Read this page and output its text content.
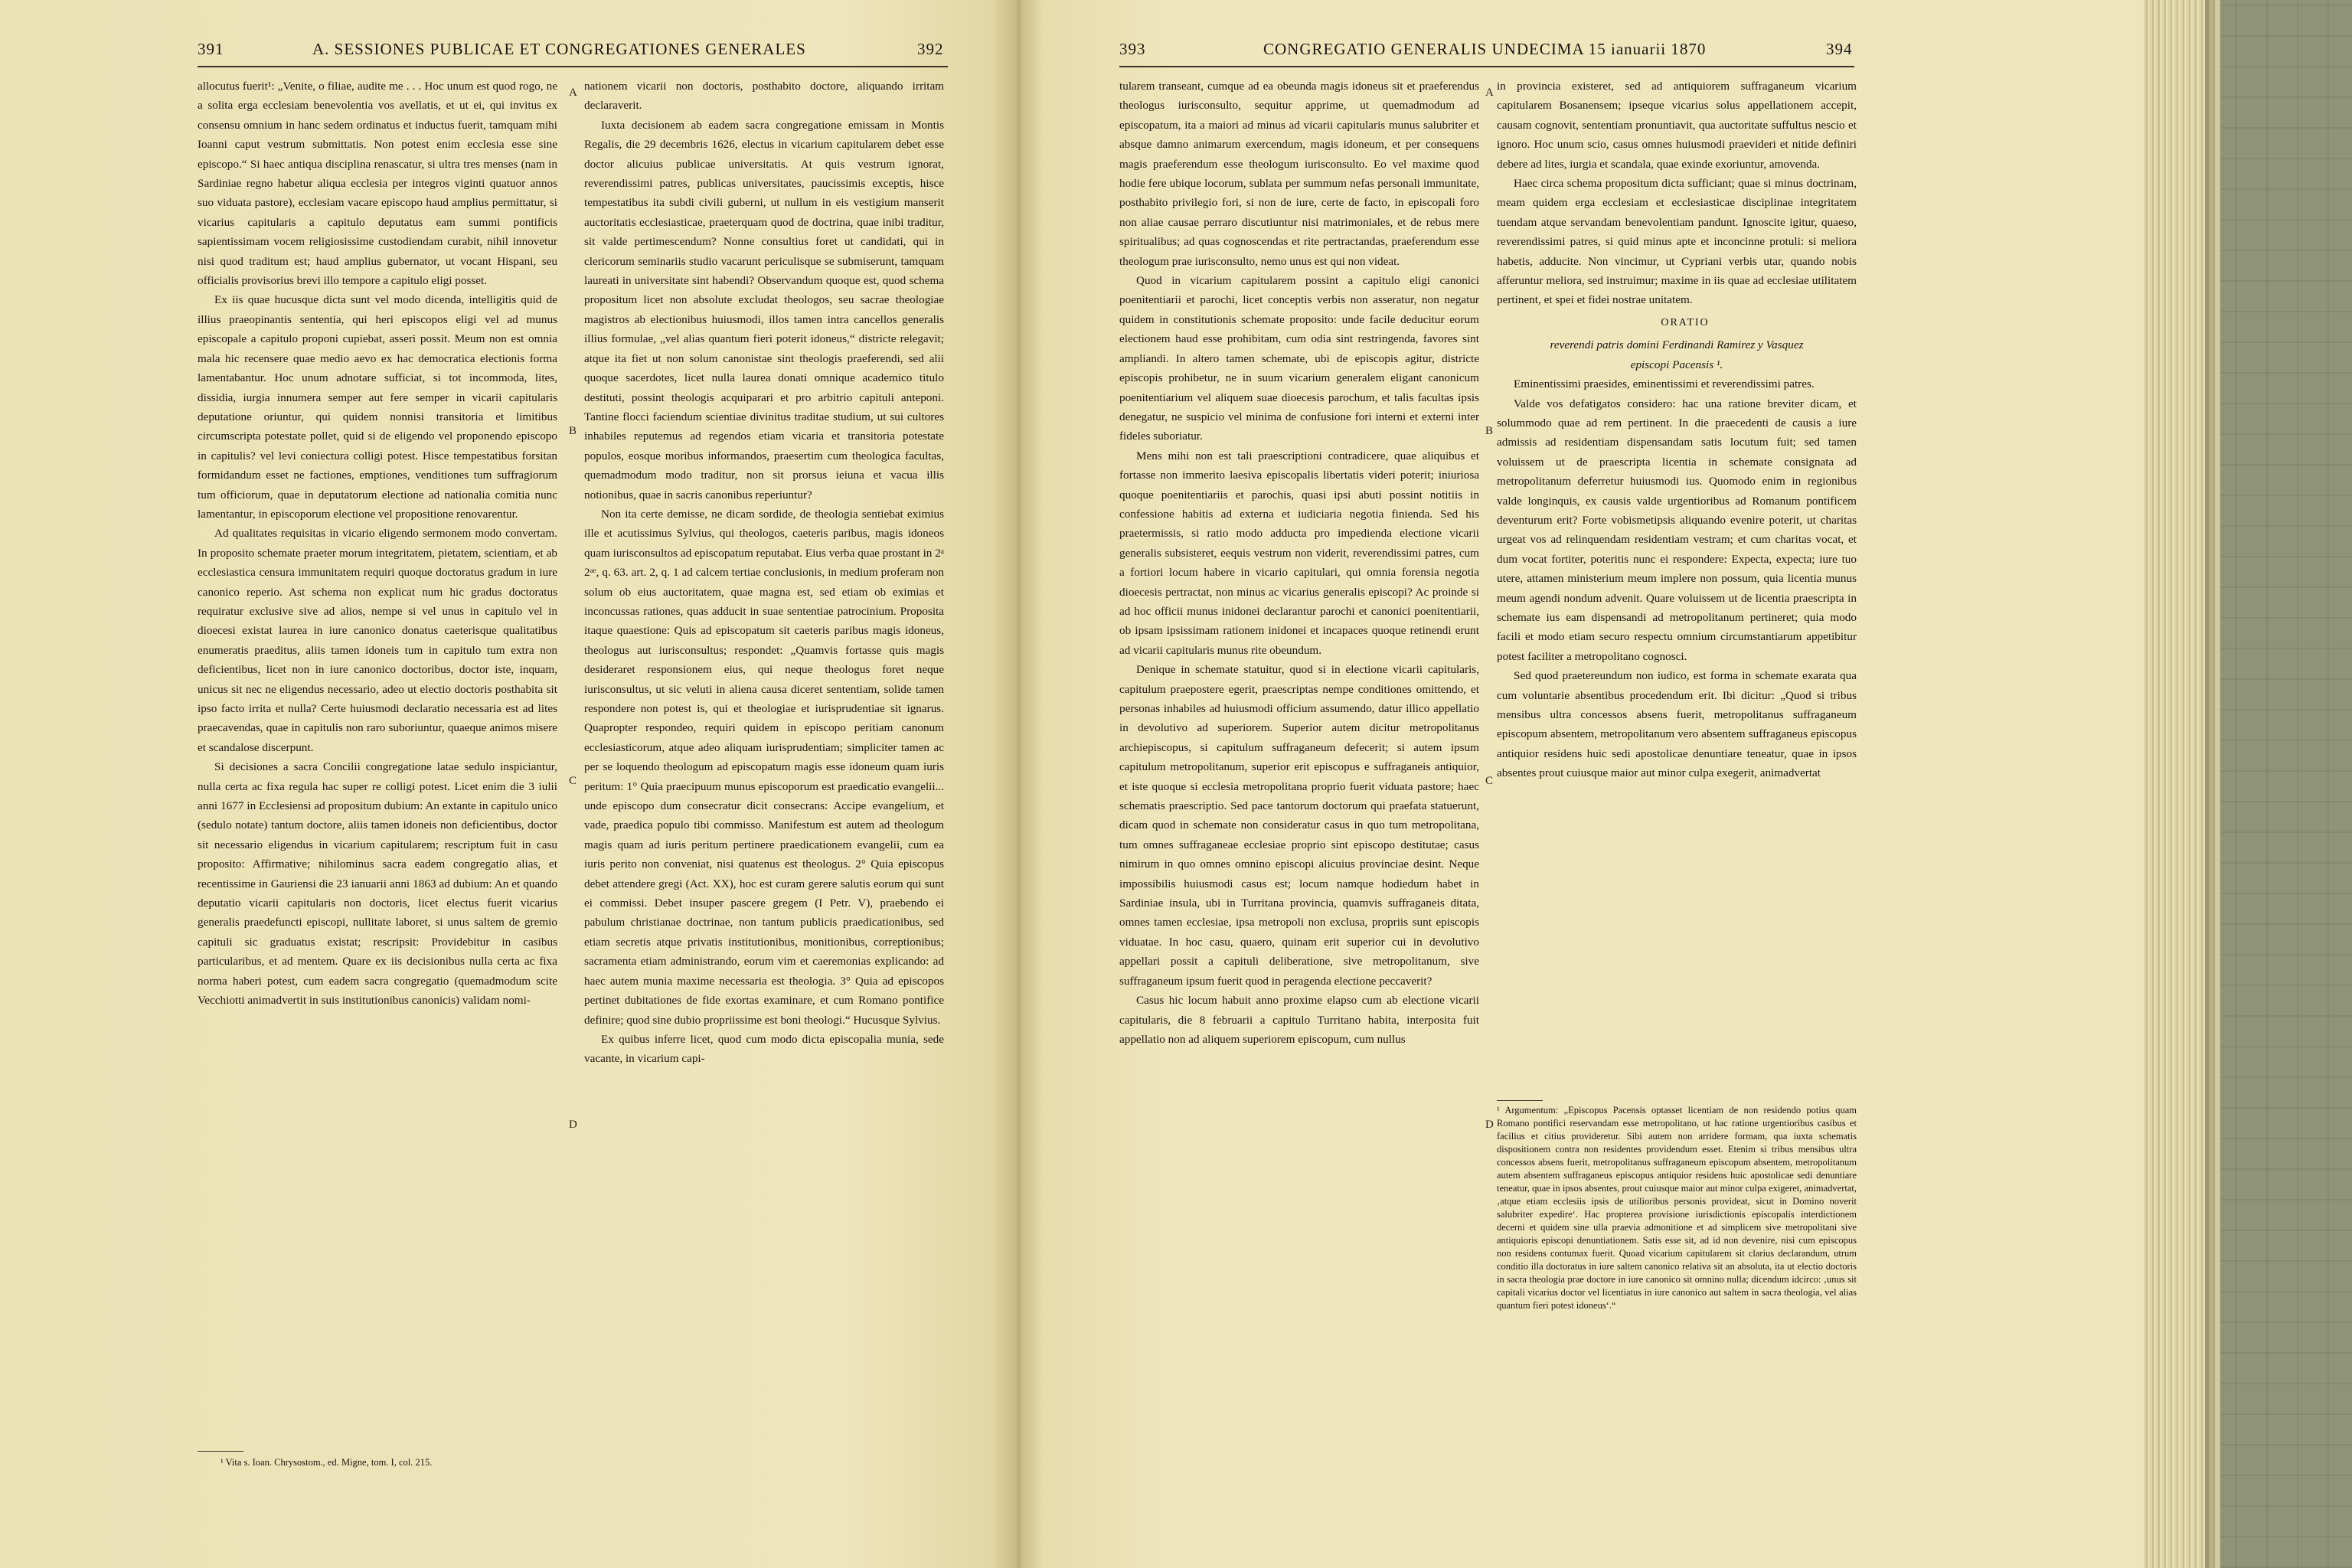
391	A. SESSIONES PUBLICAE ET CONGREGATIONES GENERALES	392

allocutus fuerit¹: „Venite, o filiae, audite me . . . Hoc unum est quod rogo, ne a solita erga ecclesiam benevolentia vos avellatis, et ut ei, qui invitus ex consensu omnium in hanc sedem ordinatus et inductus fuerit, tamquam mihi Ioanni caput vestrum submittatis. Non potest enim ecclesia esse sine episcopo.“ Si haec antiqua disciplina renascatur, si ultra tres menses (nam in Sardiniae regno habetur aliqua ecclesia per integros viginti quatuor annos suo viduata pastore), ecclesiam vacare episcopo haud amplius permittatur, si vicarius capitularis a capitulo deputatus eam summi pontificis sapientissimam vocem religiosissime custodiendam curabit, nihil innovetur nisi quod traditum est; haud amplius gubernator, ut vocant Hispani, seu officialis provisorius brevi illo tempore a capitulo eligi posset.

Ex iis quae hucusque dicta sunt vel modo dicenda, intelligitis quid de illius praeopinantis sententia, qui heri episcopos eligi vel ad munus episcopale a capitulo proponi cupiebat, asseri possit. Meum non est omnia mala hic recensere quae medio aevo ex hac democratica electionis forma lamentabantur. Hoc unum adnotare sufficiat, si tot incommoda, lites, dissidia, iurgia innumera semper aut fere semper in vicarii capitularis deputatione oriuntur, qui quidem nonnisi transitoria et limitibus circumscripta potestate pollet, quid si de eligendo vel proponendo episcopo in capitulis? vel levi coniectura colligi potest. Hisce tempestatibus forsitan formidandum esset ne factiones, emptiones, venditiones tum suffragiorum tum officiorum, quae in deputatorum electione ad nationalia comitia nunc lamentantur, in episcoporum electione vel propositione renovarentur.

Ad qualitates requisitas in vicario eligendo sermonem modo convertam. In proposito schemate praeter morum integritatem, pietatem, scientiam, et ab ecclesiastica censura immunitatem requiri quoque doctoratus gradum in iure canonico reperio. Ast schema non explicat num hic gradus doctoratus requiratur exclusive sive ad alios, nempe si vel unus in capitulo vel in dioecesi existat laurea in iure canonico donatus caeterisque qualitatibus enumeratis praeditus, aliis tamen idoneis tum in capitulo tum extra non deficientibus, licet non in iure canonico doctoribus, doctor iste, inquam, unicus sit nec ne eligendus necessario, adeo ut electio doctoris posthabita sit ipso facto irrita et nulla? Certe huiusmodi declaratio necessaria est ad lites praecavendas, quae in capitulis non raro suboriuntur, quaeque animos misere et scandalose discerpunt.

Si decisiones a sacra Concilii congregatione latae sedulo inspiciantur, nulla certa ac fixa regula hac super re colligi potest. Licet enim die 3 iulii anni 1677 in Ecclesiensi ad propositum dubium: An extante in capitulo unico (sedulo notate) tantum doctore, aliis tamen idoneis non deficientibus, doctor sit necessario eligendus in vicarium capitularem; rescriptum fuit in casu proposito: Affirmative; nihilominus sacra eadem congregatio alias, et recentissime in Gauriensi die 23 ianuarii anni 1863 ad dubium: An et quando deputatio vicarii capitularis non doctoris, licet electus fuerit vicarius generalis praedefuncti episcopi, nullitate laboret, si unus saltem de gremio capituli sic graduatus existat; rescripsit: Providebitur in casibus particularibus, et ad mentem. Quare ex iis decisionibus nulla certa ac fixa norma haberi potest, cum eadem sacra congregatio (quemadmodum scite Vecchiotti animadvertit in suis institutionibus canonicis) validam nomi-

A
B
C
D

nationem vicarii non doctoris, posthabito doctore, aliquando irritam declaraverit.

Iuxta decisionem ab eadem sacra congregatione emissam in Montis Regalis, die 29 decembris 1626, electus in vicarium capitularem debet esse doctor alicuius publicae universitatis. At quis vestrum ignorat, reverendissimi patres, publicas universitates, paucissimis exceptis, hisce tempestatibus ita subdi civili guberni, ut nullum in eis vestigium manserit auctoritatis ecclesiasticae, praeterquam quod de doctrina, quae inibi traditur, sit valde pertimescendum? Nonne consultius foret ut candidati, qui in clericorum seminariis studio vacarunt periculisque se submiserunt, tamquam laureati in universitate sint habendi? Observandum quoque est, quod schema propositum licet non absolute excludat theologos, seu sacrae theologiae magistros ab electionibus huiusmodi, illos tamen intra cancellos generalis illius formulae, „vel alias quantum fieri poterit idoneus,“ districte relegavit; atque ita fiet ut non solum canonistae sint theologis praeferendi, sed alii quoque sacerdotes, licet nulla laurea donati omnique academico titulo destituti, possint theologis acquiparari et pro arbitrio capituli anteponi. Tantine flocci faciendum scientiae divinitus traditae studium, ut sui cultores inhabiles reputemus ad regendos etiam vicaria et transitoria potestate populos, eosque moribus informandos, praesertim cum theologica facultas, quemadmodum modo traditur, non sit prorsus ieiuna et vacua illis notionibus, quae in sacris canonibus reperiuntur?

Non ita certe demisse, ne dicam sordide, de theologia sentiebat eximius ille et acutissimus Sylvius, qui theologos, caeteris paribus, magis idoneos quam iurisconsultos ad episcopatum reputabat. Eius verba quae prostant in 2ᵃ 2ᵃᵉ, q. 63. art. 2, q. 1 ad calcem tertiae conclusionis, in medium proferam non solum ob eius auctoritatem, quae magna est, sed etiam ob eximias et inconcussas rationes, quas adducit in suae sententiae patrocinium. Proposita itaque quaestione: Quis ad episcopatum sit caeteris paribus magis idoneus, theologus aut iurisconsultus; respondet: „Quamvis fortasse quis magis desideraret responsionem eius, qui neque theologus foret neque iurisconsultus, ut sic veluti in aliena causa diceret sententiam, solide tamen respondere non potest is, qui et theologiae et iurisprudentiae sit ignarus. Quapropter respondeo, requiri quidem in episcopo peritiam canonum ecclesiasticorum, atque adeo aliquam iurisprudentiam; simpliciter tamen ac per se loquendo theologum ad episcopatum magis esse idoneum quam iuris peritum: 1° Quia praecipuum munus episcoporum est praedicatio evangelii... unde episcopo dum consecratur dicit consecrans: Accipe evangelium, et vade, praedica populo tibi commisso. Manifestum est autem ad theologum magis quam ad iuris peritum pertinere praedicationem evangelii, cum ea iuris perito non conveniat, nisi quatenus est theologus. 2° Quia episcopus debet attendere gregi (Act. XX), hoc est curam gerere salutis eorum qui sunt ei commissi. Debet insuper pascere gregem (I Petr. V), praebendo ei pabulum christianae doctrinae, non tantum publicis praedicationibus, sed etiam secretis atque privatis institutionibus, monitionibus, correptionibus; sacramenta etiam administrando, eorum vim et caeremonias explicando: ad haec autem munia maxime necessaria est theologia. 3° Quia ad episcopos pertinet dubitationes de fide exortas examinare, et cum Romano pontifice definire; quod sine dubio propriissime est boni theologi.“ Hucusque Sylvius.

Ex quibus inferre licet, quod cum modo dicta episcopalia munia, sede vacante, in vicarium capi-

¹ Vita s. Ioan. Chrysostom., ed. Migne, tom. I, col. 215.
393	CONGREGATIO GENERALIS UNDECIMA 15 ianuarii 1870	394

tularem transeant, cumque ad ea obeunda magis idoneus sit et praeferendus theologus iurisconsulto, sequitur apprime, ut quemadmodum ad episcopatum, ita a maiori ad minus ad vicarii capitularis munus salubriter et absque damno animarum exercendum, magis idoneum, et per consequens magis praeferendum esse theologum iurisconsulto. Eo vel maxime quod hodie fere ubique locorum, sublata per summum nefas personali immunitate, posthabito privilegio fori, si non de iure, certe de facto, in episcopali foro non aliae causae perraro discutiuntur nisi matrimoniales, et de rebus mere spiritualibus; ad quas cognoscendas et rite pertractandas, praeferendum esse theologum prae iurisconsulto, nemo unus est qui non videat.

Quod in vicarium capitularem possint a capitulo eligi canonici poenitentiarii et parochi, licet conceptis verbis non asseratur, non negatur quidem in constitutionis schemate proposito: unde facile deducitur eorum electionem haud esse prohibitam, cum odia sint restringenda, favores sint ampliandi. In altero tamen schemate, ubi de episcopis agitur, districte episcopis prohibetur, ne in suum vicarium generalem eligant canonicum poenitentiarium vel aliquem suae dioecesis parochum, et talis facultas ipsis denegatur, ne suspicio vel minima de confusione fori interni et externi inter fideles suboriatur.

Mens mihi non est tali praescriptioni contradicere, quae aliquibus et fortasse non immerito laesiva episcopalis libertatis videri poterit; iniuriosa quoque poenitentiariis et parochis, quasi ipsi abuti possint notitiis in confessione habitis ad externa et iudiciaria negotia finienda. Sed his praetermissis, si ratio modo adducta pro impedienda electione vicarii generalis subsisteret, eequis vestrum non viderit, reverendissimi patres, cum a fortiori locum habere in vicario capitulari, qui omnia forensia negotia dioecesis pertractat, non minus ac vicarius generalis episcopi? Ac proinde si ad hoc officii munus inidonei declarantur parochi et canonici poenitentiarii, ob ipsam ipsissimam rationem inidonei et incapaces quoque retinendi erunt ad vicarii capitularis munus rite obeundum.

Denique in schemate statuitur, quod si in electione vicarii capitularis, capitulum praepostere egerit, praescriptas nempe conditiones omittendo, et personas inhabiles ad huiusmodi officium assumendo, datur illico appellatio in devolutivo ad superiorem. Superior autem dicitur metropolitanus archiepiscopus, si capitulum suffraganeum defecerit; si autem ipsum capitulum metropolitanum, superior erit episcopus e suffraganeis antiquior, et iste quoque si ecclesia metropolitana proprio fuerit viduata pastore; haec schematis praescriptio. Sed pace tantorum doctorum qui praefata statuerunt, dicam quod in schemate non consideratur casus in quo tum metropolitana, tum omnes suffraganeae ecclesiae proprio sint episcopo destitutae; casus nimirum in quo omnes omnino episcopi alicuius provinciae desint. Neque impossibilis huiusmodi casus est; locum namque hodiedum habet in Sardiniae insula, ubi in Turritana provincia, quamvis suffraganeis ditata, omnes tamen ecclesiae, ipsa metropoli non exclusa, propriis sunt episcopis viduatae. In hoc casu, quaero, quinam erit superior cui in devolutivo appellari possit a capituli deliberatione, sive metropolitanum, sive suffraganeum ipsum fuerit quod in peragenda electione peccaverit?

Casus hic locum habuit anno proxime elapso cum ab electione vicarii capitularis, die 8 februarii a capitulo Turritano habita, interposita fuit appellatio non ad aliquem superiorem episcopum, cum nullus

A
B
C
D

in provincia existeret, sed ad antiquiorem suffraganeum vicarium capitularem Bosanensem; ipseque vicarius solus appellationem accepit, causam cognovit, sententiam pronuntiavit, qua auctoritate suffultus nescio et ignoro. Hoc unum scio, casus omnes huiusmodi praevideri et nitide definiri debere ad lites, iurgia et scandala, quae exinde exoriuntur, amovenda.

Haec circa schema propositum dicta sufficiant; quae si minus doctrinam, meam quidem erga ecclesiam et ecclesiasticae disciplinae integritatem tuendam atque servandam benevolentiam pandunt. Ignoscite igitur, quaeso, reverendissimi patres, si quid minus apte et inconcinne protuli: si meliora habetis, adducite. Non vincimur, ut Cypriani verbis utar, quando nobis afferuntur meliora, sed instruimur; maxime in iis quae ad ecclesiae utilitatem pertinent, et spei et fidei nostrae unitatem.

ORATIO

reverendi patris domini Ferdinandi Ramirez y Vasquez

episcopi Pacensis ¹.

Eminentissimi praesides, eminentissimi et reverendissimi patres.

Valde vos defatigatos considero: hac una ratione breviter dicam, et solummodo quae ad rem pertinent. In die praecedenti de causis a iure admissis ad residentiam dispensandam satis locutum fuit; sed tamen voluissem ut de praescripta licentia in schemate consignata ad metropolitanum deferretur huiusmodi ius. Quomodo enim in regionibus valde longinquis, ex causis valde urgentioribus ad Romanum pontificem deventurum erit? Forte vobismetipsis aliquando evenire poterit, ut charitas urgeat vos ad relinquendam residentiam vestram; et cum charitas vocat, et dum vocat fortiter, poteritis nunc ei respondere: Expecta, expecta; iure tuo utere, attamen ministerium meum implere non possum, quia licentia munus meum agendi nondum advenit. Quare voluissem ut de licentia praescripta in schemate ius eam dispensandi ad metropolitanum pertineret; quia modo facili et modo etiam securo respectu omnium circumstantiarum appetibitur potest faciliter a metropolitano cognosci.

Sed quod praetereundum non iudico, est forma in schemate exarata qua cum voluntarie absentibus procedendum erit. Ibi dicitur: „Quod si tribus mensibus ultra concessos absens fuerit, metropolitanus suffraganeum episcopum absentem, metropolitanum vero absentem suffraganeus episcopus antiquior residens huic sedi apostolicae denuntiare teneatur, quae in ipsos absentes prout cuiusque maior aut minor culpa exegerit, animadvertat

¹ Argumentum: „Episcopus Pacensis optasset licentiam de non residendo potius quam Romano pontifici reservandam esse metropolitano, ut hac ratione urgentioribus casibus et facilius et citius provideretur. Sibi autem non arridere formam, qua iuxta schematis dispositionem contra non residentes providendum esset. Etenim si tribus mensibus ultra concessos absens fuerit, metropolitanus suffraganeum episcopum absentem, metropolitanum autem absentem suffraganeus episcopus antiquior residens huic apostolicae sedi denuntiare teneatur, quae in ipsos absentes, prout cuiusque maior aut minor culpa exigeret, animadvertat, ‚atque etiam ecclesiis ipsis de utilioribus personis provideat, sicut in Domino noverit salubriter expedire‘. Hac propterea provisione iurisdictionis episcopalis interdictionem decerni et quidem sine ulla praevia admonitione et ad simplicem sive metropolitani sive antiquioris episcopi denuntiationem. Satis esse sit, ad id non devenire, nisi cum episcopus non residens contumax fuerit. Quoad vicarium capitularem sit clarius declarandum, utrum conditio illa doctoratus in iure saltem canonico relativa sit an absoluta, ita ut electio doctoris in sacra theologia prae doctore in iure canonico sit omnino nulla; dicendum idcirco: ‚unus sit capitali vicarius doctor vel licentiatus in iure canonico aut saltem in sacra theologia, vel alias quantum fieri potest idoneus‘.“
